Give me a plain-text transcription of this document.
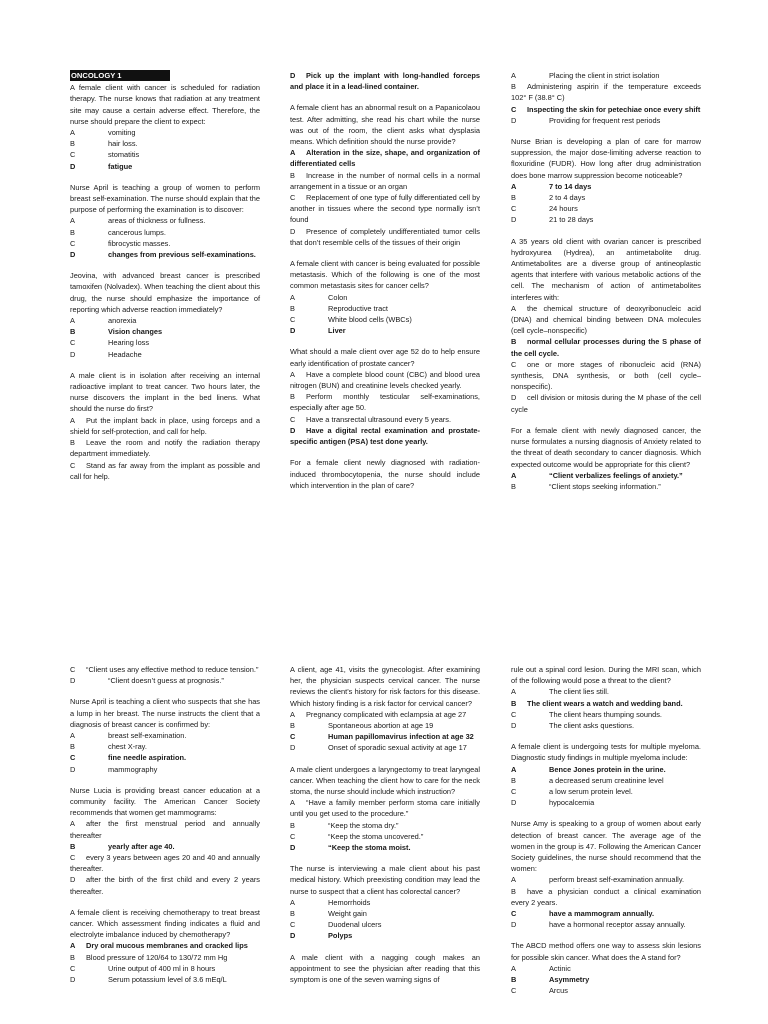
ONCOLOGY 1

A female client with cancer is scheduled for radiation therapy. The nurse knows that radiation at any treatment site may cause a certain adverse effect. Therefore, the nurse should prepare the client to expect:

A	vomiting
B	hair loss.
C	stomatitis
D	fatigue

Nurse April is teaching a group of women to perform breast self-examination. The nurse should explain that the purpose of performing the examination is to discover:

A	areas of thickness or fullness.
B	cancerous lumps.
C	fibrocystic masses.
D	changes from previous self-examinations.

Jeovina, with advanced breast cancer is prescribed tamoxifen (Nolvadex). When teaching the client about this drug, the nurse should emphasize the importance of reporting which adverse reaction immediately?

A	anorexia
B	Vision changes
C	Hearing loss
D	Headache

A male client is in isolation after receiving an internal radioactive implant to treat cancer. Two hours later, the nurse discovers the implant in the bed linens. What should the nurse do first?

A Put the implant back in place, using forceps and a shield for self-protection, and call for help.
B Leave the room and notify the radiation therapy department immediately.
C Stand as far away from the implant as possible and call for help.
D Pick up the implant with long-handled forceps and place it in a lead-lined container.

A female client has an abnormal result on a Papanicolaou test. After admitting, she read his chart while the nurse was out of the room, the client asks what dysplasia means. Which definition should the nurse provide?

A Alteration in the size, shape, and organization of differentiated cells
B Increase in the number of normal cells in a normal arrangement in a tissue or an organ
C Replacement of one type of fully differentiated cell by another in tissues where the second type normally isn’t found
D Presence of completely undifferentiated tumor cells that don’t resemble cells of the tissues of their origin

A female client with cancer is being evaluated for possible metastasis. Which of the following is one of the most common metastasis sites for cancer cells?

A	Colon
B	Reproductive tract
C	White blood cells (WBCs)
D	Liver

What should a male client over age 52 do to help ensure early identification of prostate cancer?

A Have a complete blood count (CBC) and blood urea nitrogen (BUN) and creatinine levels checked yearly.
B Perform monthly testicular self-examinations, especially after age 50.
C Have a transrectal ultrasound every 5 years.
D Have a digital rectal examination and prostate-specific antigen (PSA) test done yearly.

For a female client newly diagnosed with radiation-induced thrombocytopenia, the nurse should include which intervention in the plan of care?

A	Placing the client in strict isolation
B Administering aspirin if the temperature exceeds 102° F (38.8° C)
C Inspecting the skin for petechiae once every shift
D	Providing for frequent rest periods

Nurse Brian is developing a plan of care for marrow suppression, the major dose-limiting adverse reaction to floxuridine (FUDR). How long after drug administration does bone marrow suppression become noticeable?

A	7 to 14 days
B	2 to 4 days
C	24 hours
D	21 to 28 days

A 35 years old client with ovarian cancer is prescribed hydroxyurea (Hydrea), an antimetabolite drug. Antimetabolites are a diverse group of antineoplastic agents that interfere with various metabolic actions of the cell. The mechanism of action of antimetabolites interferes with:

A the chemical structure of deoxyribonucleic acid (DNA) and chemical binding between DNA molecules (cell cycle–nonspecific)
B normal cellular processes during the S phase of the cell cycle.
C one or more stages of ribonucleic acid (RNA) synthesis, DNA synthesis, or both (cell cycle–nonspecific).
D cell division or mitosis during the M phase of the cell cycle

For a female client with newly diagnosed cancer, the nurse formulates a nursing diagnosis of Anxiety related to the threat of death secondary to cancer diagnosis. Which expected outcome would be appropriate for this client?

A	“Client verbalizes feelings of anxiety.”
B	“Client stops seeking information.”
C “Client uses any effective method to reduce tension.”
D	“Client doesn’t guess at prognosis.”

Nurse April is teaching a client who suspects that she has a lump in her breast. The nurse instructs the client that a diagnosis of breast cancer is confirmed by:

A	breast self-examination.
B	chest X-ray.
C	fine needle aspiration.
D	mammography

Nurse Lucia is providing breast cancer education at a community facility. The American Cancer Society recommends that women get mammograms:

A after the first menstrual period and annually thereafter
B	yearly after age 40.
C every 3 years between ages 20 and 40 and annually thereafter.
D after the birth of the first child and every 2 years thereafter.

A female client is receiving chemotherapy to treat breast cancer. Which assessment finding indicates a fluid and electrolyte imbalance induced by chemotherapy?

A Dry oral mucous membranes and cracked lips
B Blood pressure of 120/64 to 130/72 mm Hg
C	Urine output of 400 ml in 8 hours
D	Serum potassium level of 3.6 mEq/L

A client, age 41, visits the gynecologist. After examining her, the physician suspects cervical cancer. The nurse reviews the client’s history for risk factors for this disease. Which history finding is a risk factor for cervical cancer?

A Pregnancy complicated with eclampsia at age 27
B	Spontaneous abortion at age 19
C	Human papillomavirus infection at age 32
D	Onset of sporadic sexual activity at age 17

A male client undergoes a laryngectomy to treat laryngeal cancer. When teaching the client how to care for the neck stoma, the nurse should include which instruction?

A “Have a family member perform stoma care initially until you get used to the procedure.”
B	“Keep the stoma dry.”
C	“Keep the stoma uncovered.”
D	“Keep the stoma moist.

The nurse is interviewing a male client about his past medical history. Which preexisting condition may lead the nurse to suspect that a client has colorectal cancer?

A	Hemorrhoids
B	Weight gain
C	Duodenal ulcers
D	Polyps

A male client with a nagging cough makes an appointment to see the physician after reading that this symptom is one of the seven warning signs of

rule out a spinal cord lesion. During the MRI scan, which of the following would pose a threat to the client?

A	The client lies still.
B The client wears a watch and wedding band.
C	The client hears thumping sounds.
D	The client asks questions.

A female client is undergoing tests for multiple myeloma. Diagnostic study findings in multiple myeloma include:

A	Bence Jones protein in the urine.
B	a decreased serum creatinine level
C	a low serum protein level.
D	hypocalcemia

Nurse Amy is speaking to a group of women about early detection of breast cancer. The average age of the women in the group is 47. Following the American Cancer Society guidelines, the nurse should recommend that the women:

A	perform breast self-examination annually.
B have a physician conduct a clinical examination every 2 years.
C	have a mammogram annually.
D	have a hormonal receptor assay annually.

The ABCD method offers one way to assess skin lesions for possible skin cancer. What does the A stand for?

A	Actinic
B	Asymmetry
C	Arcus
